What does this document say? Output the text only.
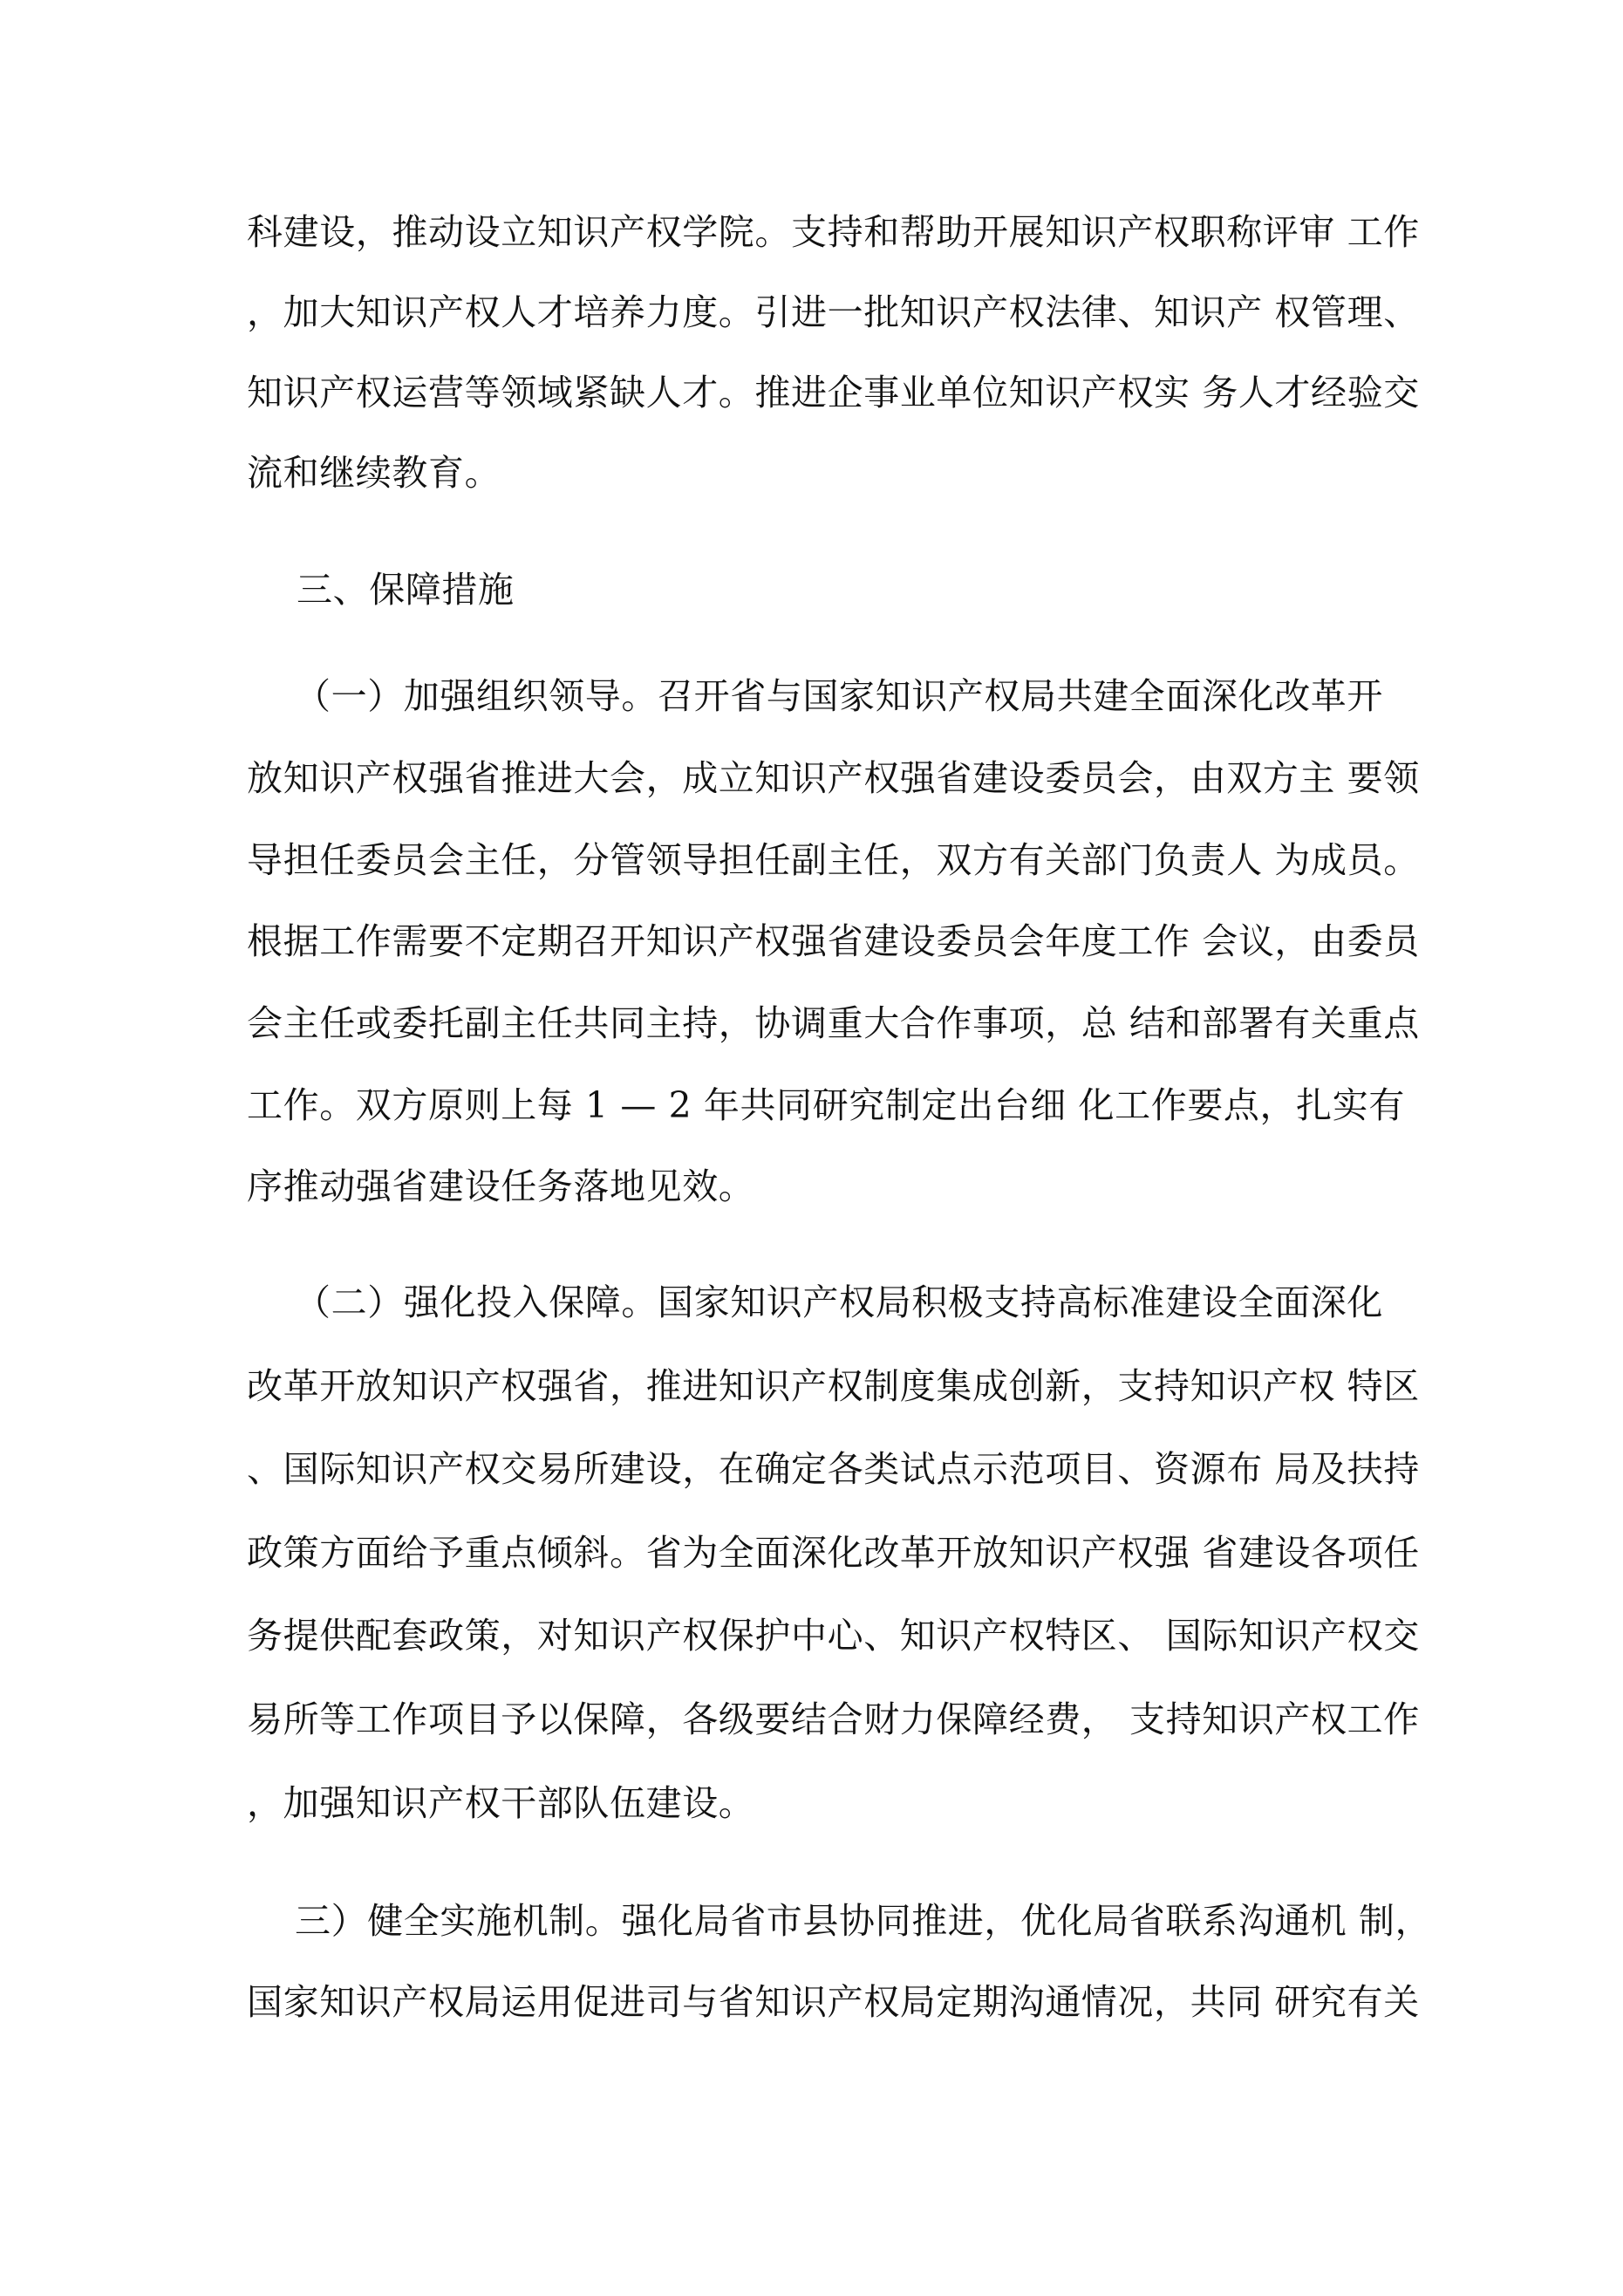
科建设，推动设立知识产权学院。支持和帮助开展知识产权职称评审 工作
，加大知识产权人才培养力度。引进一批知识产权法律、知识产 权管理、
知识产权运营等领域紧缺人才。推进企事业单位知识产权实 务人才经验交
流和继续教育。
三、保障措施
（一）加强组织领导。召开省与国家知识产权局共建全面深化改革开
放知识产权强省推进大会，成立知识产权强省建设委员会，由双方主 要领
导担任委员会主任，分管领导担任副主任，双方有关部门负责人 为成员。
根据工作需要不定期召开知识产权强省建设委员会年度工作 会议，由委员
会主任或委托副主任共同主持，协调重大合作事项，总 结和部署有关重点
工作。双方原则上每 1 — 2 年共同研究制定出台细 化工作要点，扎实有
序推动强省建设任务落地见效。
（二）强化投入保障。国家知识产权局积极支持高标准建设全面深化
改革开放知识产权强省，推进知识产权制度集成创新，支持知识产权 特区
、国际知识产权交易所建设，在确定各类试点示范项目、资源布 局及扶持
政策方面给予重点倾斜。省为全面深化改革开放知识产权强 省建设各项任
务提供配套政策，对知识产权保护中心、知识产权特区、 国际知识产权交
易所等工作项目予以保障，各级要结合财力保障经费， 支持知识产权工作
，加强知识产权干部队伍建设。
三）健全实施机制。强化局省市县协同推进，优化局省联系沟通机 制，
国家知识产权局运用促进司与省知识产权局定期沟通情况，共同 研究有关
